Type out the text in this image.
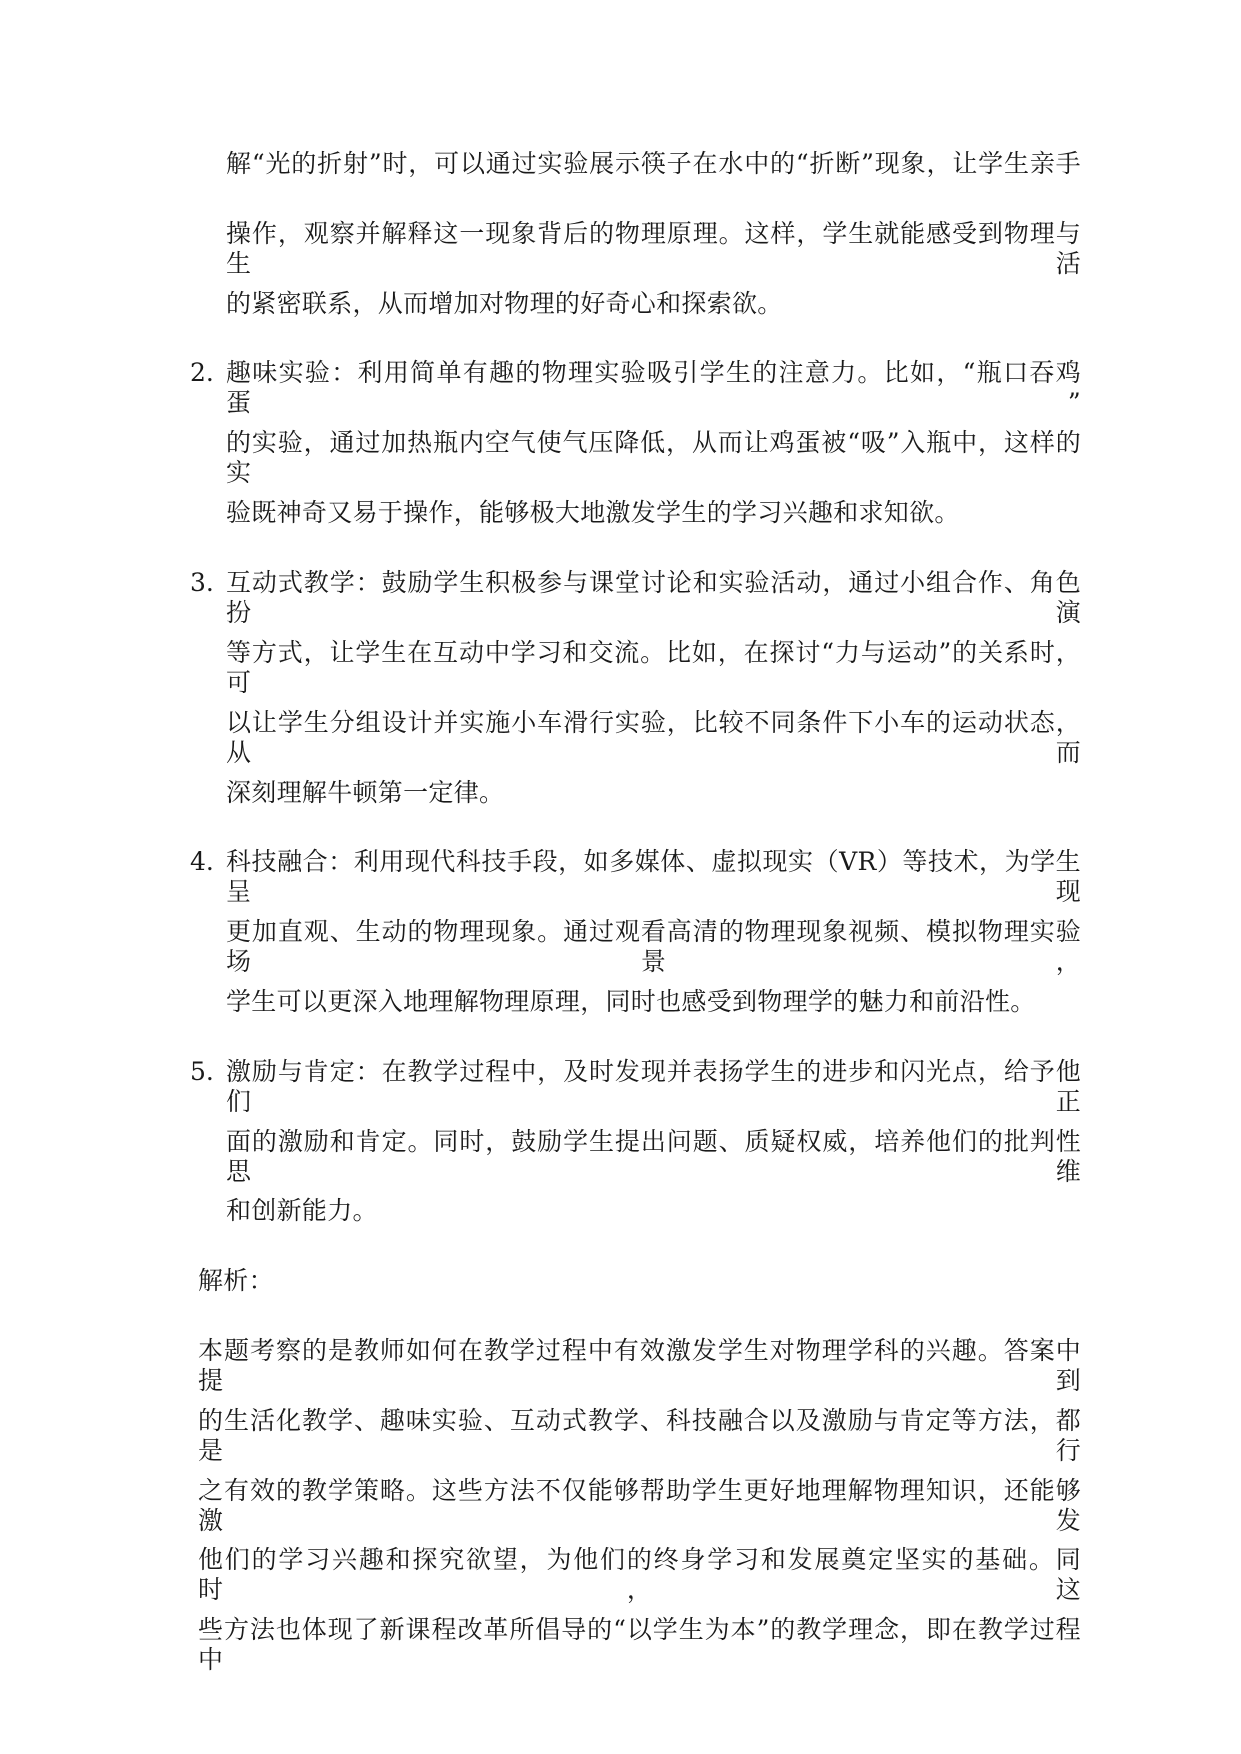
解“光的折射”时，可以通过实验展示筷子在水中的“折断”现象，让学生亲手
操作，观察并解释这一现象背后的物理原理。这样，学生就能感受到物理与生活
的紧密联系，从而增加对物理的好奇心和探索欲。
2. 趣味实验：利用简单有趣的物理实验吸引学生的注意力。比如，“瓶口吞鸡蛋”
的实验，通过加热瓶内空气使气压降低，从而让鸡蛋被“吸”入瓶中，这样的实
验既神奇又易于操作，能够极大地激发学生的学习兴趣和求知欲。
3. 互动式教学：鼓励学生积极参与课堂讨论和实验活动，通过小组合作、角色扮演
等方式，让学生在互动中学习和交流。比如，在探讨“力与运动”的关系时，可
以让学生分组设计并实施小车滑行实验，比较不同条件下小车的运动状态，从而
深刻理解牛顿第一定律。
4. 科技融合：利用现代科技手段，如多媒体、虚拟现实（VR）等技术，为学生呈现
更加直观、生动的物理现象。通过观看高清的物理现象视频、模拟物理实验场景，
学生可以更深入地理解物理原理，同时也感受到物理学的魅力和前沿性。
5. 激励与肯定：在教学过程中，及时发现并表扬学生的进步和闪光点，给予他们正
面的激励和肯定。同时，鼓励学生提出问题、质疑权威，培养他们的批判性思维
和创新能力。
解析：
本题考察的是教师如何在教学过程中有效激发学生对物理学科的兴趣。答案中提到
的生活化教学、趣味实验、互动式教学、科技融合以及激励与肯定等方法，都是行
之有效的教学策略。这些方法不仅能够帮助学生更好地理解物理知识，还能够激发
他们的学习兴趣和探究欲望，为他们的终身学习和发展奠定坚实的基础。同时，这
些方法也体现了新课程改革所倡导的“以学生为本”的教学理念，即在教学过程中
